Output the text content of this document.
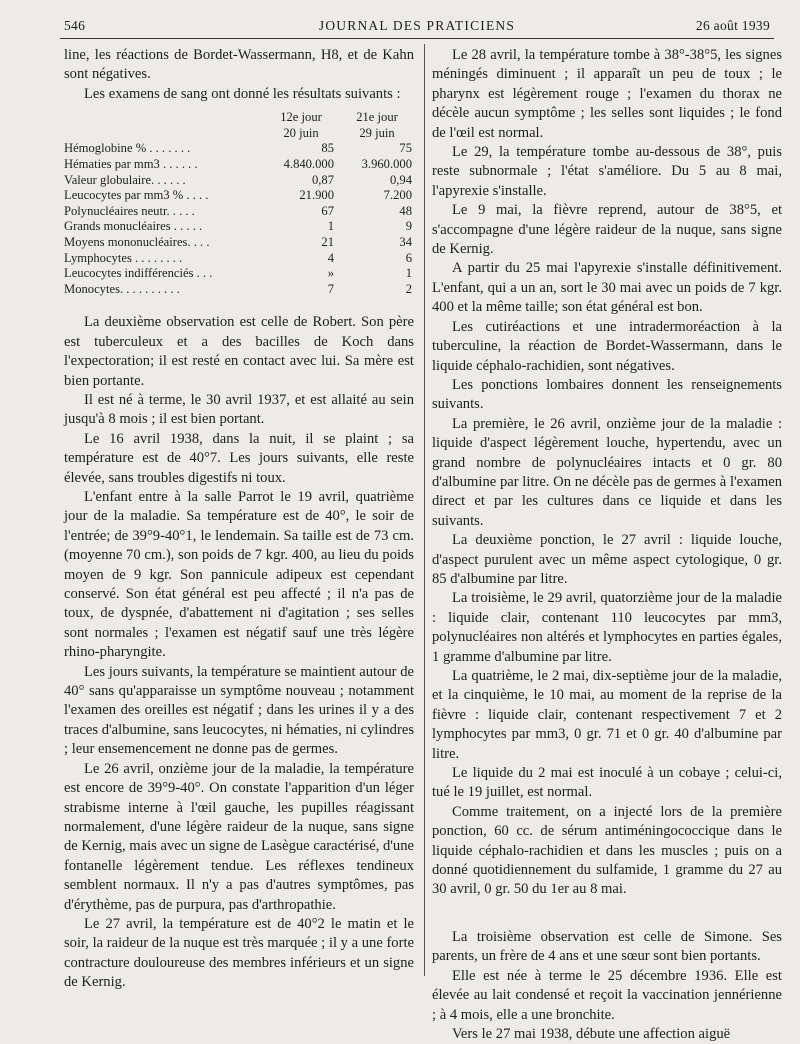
546	JOURNAL DES PRATICIENS	26 août 1939

line, les réactions de Bordet-Wassermann, H8, et de Kahn sont négatives.

Les examens de sang ont donné les résultats suivants :

	12e jour	21e jour
	20 juin	29 juin
Hémoglobine % . . . . . . .	85	75
Hématies par mm3 . . . . . .	4.840.000	3.960.000
Valeur globulaire. . . . . .	0,87	0,94
Leucocytes par mm3 % . . . .	21.900	7.200
Polynucléaires neutr. . . . .	67	48
Grands monucléaires . . . . .	1	9
Moyens mononucléaires. . . .	21	34
Lymphocytes . . . . . . . .	4	6
Leucocytes indifférenciés . . .	»	1
Monocytes. . . . . . . . . .	7	2

La deuxième observation est celle de Robert. Son père est tuberculeux et a des bacilles de Koch dans l'expectoration; il est resté en contact avec lui. Sa mère est bien portante.

Il est né à terme, le 30 avril 1937, et est allaité au sein jusqu'à 8 mois ; il est bien portant.

Le 16 avril 1938, dans la nuit, il se plaint ; sa température est de 40°7. Les jours suivants, elle reste élevée, sans troubles digestifs ni toux.

L'enfant entre à la salle Parrot le 19 avril, quatrième jour de la maladie. Sa température est de 40°, le soir de l'entrée; de 39°9-40°1, le lendemain. Sa taille est de 73 cm. (moyenne 70 cm.), son poids de 7 kgr. 400, au lieu du poids moyen de 9 kgr. Son pannicule adipeux est cependant conservé. Son état général est peu affecté ; il n'a pas de toux, de dyspnée, d'abattement ni d'agitation ; ses selles sont normales ; l'examen est négatif sauf une très légère rhino-pharyngite.

Les jours suivants, la température se maintient autour de 40° sans qu'apparaisse un symptôme nouveau ; notamment l'examen des oreilles est négatif ; dans les urines il y a des traces d'albumine, sans leucocytes, ni hématies, ni cylindres ; leur ensemencement ne donne pas de germes.

Le 26 avril, onzième jour de la maladie, la température est encore de 39°9-40°. On constate l'apparition d'un léger strabisme interne à l'œil gauche, les pupilles réagissant normalement, d'une légère raideur de la nuque, sans signe de Kernig, mais avec un signe de Lasègue caractérisé, d'une fontanelle légèrement tendue. Les réflexes tendineux semblent normaux. Il n'y a pas d'autres symptômes, pas d'érythème, pas de purpura, pas d'arthropathie.

Le 27 avril, la température est de 40°2 le matin et le soir, la raideur de la nuque est très marquée ; il y a une forte contracture douloureuse des membres inférieurs et un signe de Kernig.

Le 28 avril, la température tombe à 38°-38°5, les signes méningés diminuent ; il apparaît un peu de toux ; le pharynx est légèrement rouge ; l'examen du thorax ne décèle aucun symptôme ; les selles sont liquides ; le fond de l'œil est normal.

Le 29, la température tombe au-dessous de 38°, puis reste subnormale ; l'état s'améliore. Du 5 au 8 mai, l'apyrexie s'installe.

Le 9 mai, la fièvre reprend, autour de 38°5, et s'accompagne d'une légère raideur de la nuque, sans signe de Kernig.

A partir du 25 mai l'apyrexie s'installe définitivement. L'enfant, qui a un an, sort le 30 mai avec un poids de 7 kgr. 400 et la même taille; son état général est bon.

Les cutiréactions et une intradermoréaction à la tuberculine, la réaction de Bordet-Wassermann, dans le liquide céphalo-rachidien, sont négatives.

Les ponctions lombaires donnent les renseignements suivants.

La première, le 26 avril, onzième jour de la maladie : liquide d'aspect légèrement louche, hypertendu, avec un grand nombre de polynucléaires intacts et 0 gr. 80 d'albumine par litre. On ne décèle pas de germes à l'examen direct et par les cultures dans ce liquide et dans les suivants.

La deuxième ponction, le 27 avril : liquide louche, d'aspect purulent avec un même aspect cytologique, 0 gr. 85 d'albumine par litre.

La troisième, le 29 avril, quatorzième jour de la maladie : liquide clair, contenant 110 leucocytes par mm3, polynucléaires non altérés et lymphocytes en parties égales, 1 gramme d'albumine par litre.

La quatrième, le 2 mai, dix-septième jour de la maladie, et la cinquième, le 10 mai, au moment de la reprise de la fièvre : liquide clair, contenant respectivement 7 et 2 lymphocytes par mm3, 0 gr. 71 et 0 gr. 40 d'albumine par litre.

Le liquide du 2 mai est inoculé à un cobaye ; celui-ci, tué le 19 juillet, est normal.

Comme traitement, on a injecté lors de la première ponction, 60 cc. de sérum antiméningococcique dans le liquide céphalo-rachidien et dans les muscles ; puis on a donné quotidiennement du sulfamide, 1 gramme du 27 au 30 avril, 0 gr. 50 du 1er au 8 mai.

La troisième observation est celle de Simone. Ses parents, un frère de 4 ans et une sœur sont bien portants.

Elle est née à terme le 25 décembre 1936. Elle est élevée au lait condensé et reçoit la vaccination jennérienne ; à 4 mois, elle a une bronchite.

Vers le 27 mai 1938, débute une affection aiguë
